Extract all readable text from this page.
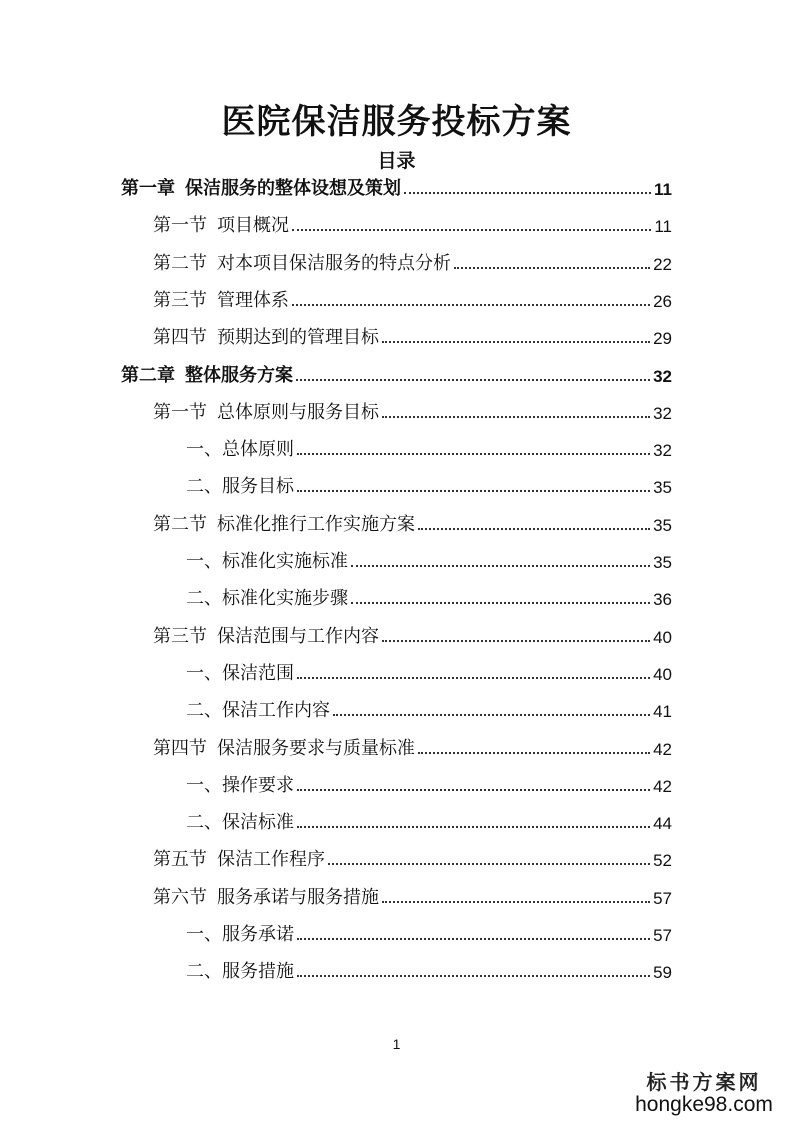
医院保洁服务投标方案
目录
第一章 保洁服务的整体设想及策划	11
第一节 项目概况	11
第二节 对本项目保洁服务的特点分析	22
第三节 管理体系	26
第四节 预期达到的管理目标	29
第二章 整体服务方案	32
第一节 总体原则与服务目标	32
一、总体原则	32
二、服务目标	35
第二节 标准化推行工作实施方案	35
一、标准化实施标准	35
二、标准化实施步骤	36
第三节 保洁范围与工作内容	40
一、保洁范围	40
二、保洁工作内容	41
第四节 保洁服务要求与质量标准	42
一、操作要求	42
二、保洁标准	44
第五节 保洁工作程序	52
第六节 服务承诺与服务措施	57
一、服务承诺	57
二、服务措施	59
1
标书方案网
hongke98.com
